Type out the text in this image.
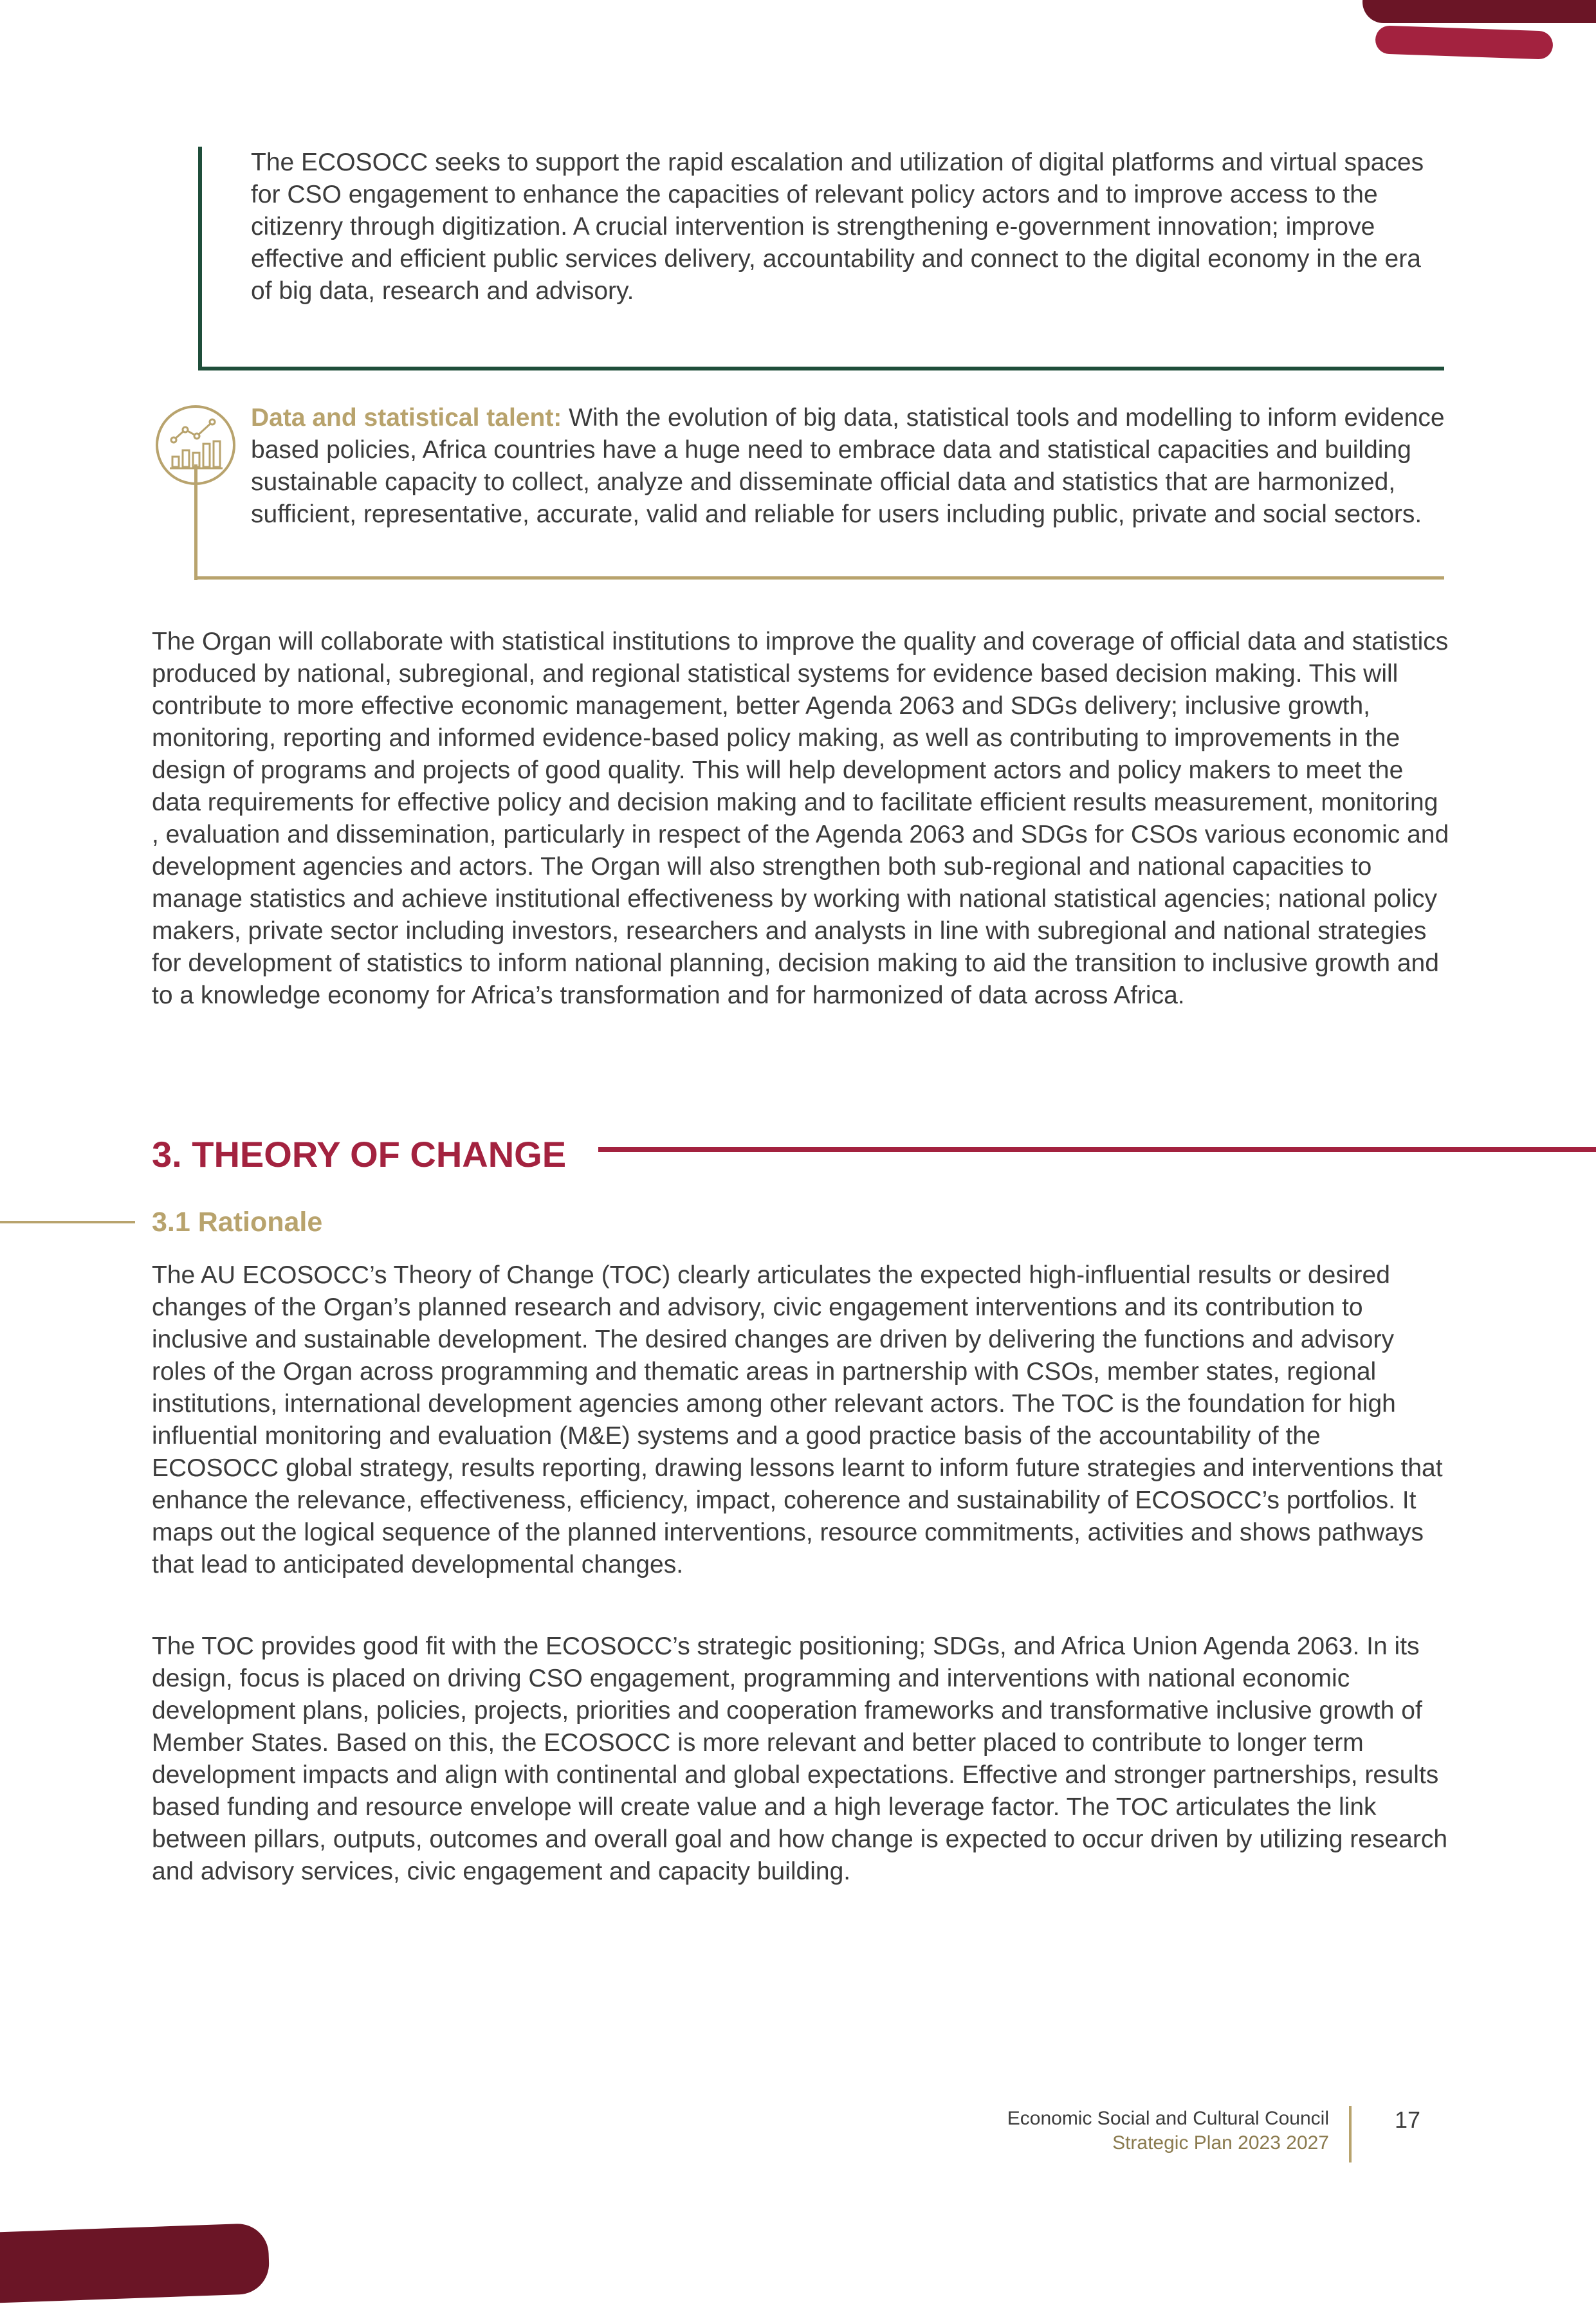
The ECOSOCC seeks to support the rapid escalation and utilization of digital platforms and virtual spaces for CSO engagement to enhance the capacities of relevant policy actors and to improve access to the citizenry through digitization. A crucial intervention is strengthening e-government innovation; improve effective and efficient public services delivery, accountability and connect to the digital economy in the era of big data, research and advisory.

Data and statistical talent: With the evolution of big data, statistical tools and modelling to inform evidence based policies, Africa countries have a huge need to embrace data and statistical capacities and building sustainable capacity to collect, analyze and disseminate official data and statistics that are harmonized, sufficient, representative, accurate, valid and reliable for users including public, private and social sectors.

The Organ will collaborate with statistical institutions to improve the quality and coverage of official data and statistics produced by national, subregional, and regional statistical systems for evidence based decision making. This will contribute to more effective economic management, better Agenda 2063 and SDGs delivery; inclusive growth, monitoring, reporting and informed evidence-based policy making, as well as contributing to improvements in the design of programs and projects of good quality. This will help development actors and policy makers to meet the data requirements for effective policy and decision making and to facilitate efficient results measurement, monitoring , evaluation and dissemination, particularly in respect of the Agenda 2063 and SDGs for CSOs various economic and development agencies and actors. The Organ will also strengthen both sub-regional and national capacities to manage statistics and achieve institutional effectiveness by working with national statistical agencies; national policy makers, private sector including investors, researchers and analysts in line with subregional and national strategies for development of statistics to inform national planning, decision making to aid the transition to inclusive growth and to a knowledge economy for Africa’s transformation and for harmonized of data across Africa.

3. THEORY OF CHANGE
3.1 Rationale

The AU ECOSOCC’s Theory of Change (TOC) clearly articulates the expected high-influential results or desired changes of the Organ’s planned research and advisory, civic engagement interventions and its contribution to inclusive and sustainable development. The desired changes are driven by delivering the functions and advisory roles of the Organ across programming and thematic areas in partnership with CSOs, member states, regional institutions, international development agencies among other relevant actors. The TOC is the foundation for high influential monitoring and evaluation (M&E) systems and a good practice basis of the accountability of the ECOSOCC global strategy, results reporting, drawing lessons learnt to inform future strategies and interventions that enhance the relevance, effectiveness, efficiency, impact, coherence and sustainability of ECOSOCC’s portfolios. It maps out the logical sequence of the planned interventions, resource commitments, activities and shows pathways that lead to anticipated developmental changes.

The TOC provides good fit with the ECOSOCC’s strategic positioning; SDGs, and Africa Union Agenda 2063. In its design, focus is placed on driving CSO engagement, programming and interventions with national economic development plans, policies, projects, priorities and cooperation frameworks and transformative inclusive growth of Member States. Based on this, the ECOSOCC is more relevant and better placed to contribute to longer term development impacts and align with continental and global expectations. Effective and stronger partnerships, results based funding and resource envelope will create value and a high leverage factor. The TOC articulates the link between pillars, outputs, outcomes and overall goal and how change is expected to occur driven by utilizing research and advisory services, civic engagement and capacity building.

Economic Social and Cultural Council

Strategic Plan 2023 2027

17
